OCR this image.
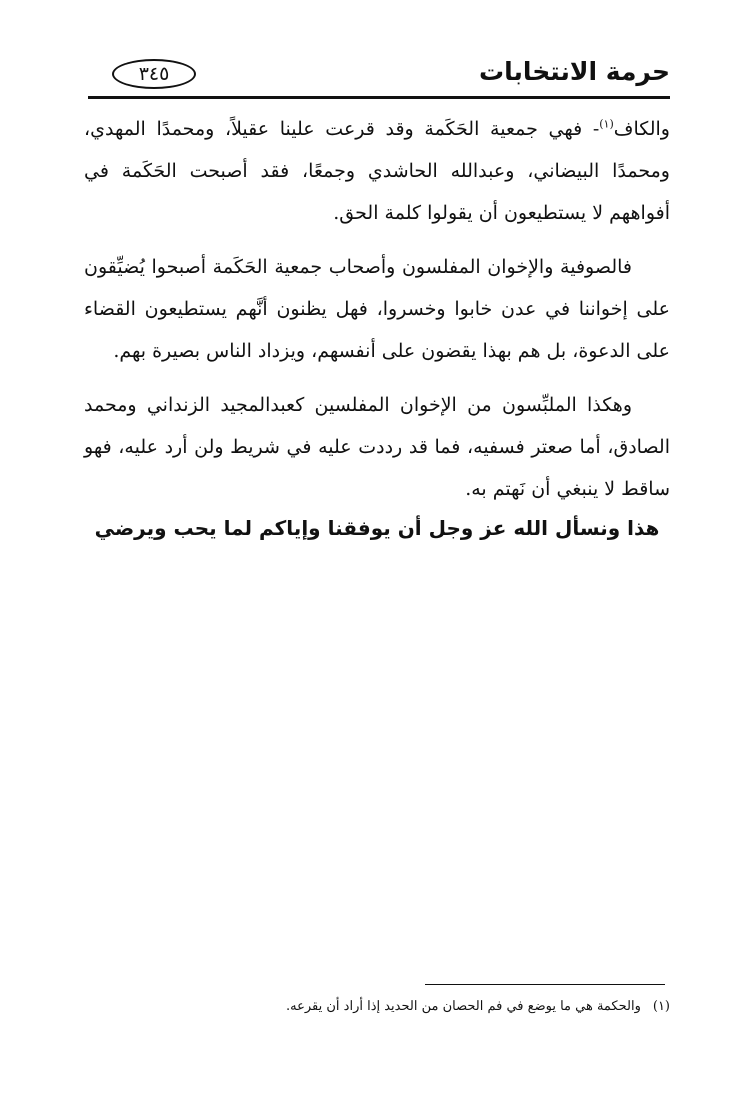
حرمة الانتخابات
٣٤٥

والكاف$^{(١)}$- فهي جمعية الحَكَمة وقد قرعت علينا عقيلاً، ومحمدًا المهدي، ومحمدًا البيضاني، وعبدالله الحاشدي وجمعًا، فقد أصبحت الحَكَمة في أفواههم لا يستطيعون أن يقولوا كلمة الحق.

فالصوفية والإخوان المفلسون وأصحاب جمعية الحَكَمة أصبحوا يُضيِّقون على إخواننا في عدن خابوا وخسروا، فهل يظنون أنَّهم يستطيعون القضاء على الدعوة، بل هم بهذا يقضون على أنفسهم، ويزداد الناس بصيرة بهم.

وهكذا الملبِّسون من الإخوان المفلسين كعبدالمجيد الزنداني ومحمد الصادق، أما صعتر فسفيه، فما قد رددت عليه في شريط ولن أرد عليه، فهو ساقط لا ينبغي أن نَهتم به.

هذا ونسأل الله عز وجل أن يوفقنا وإياكم لما يحب ويرضي
(١)والحكمة هي ما يوضع في فم الحصان من الحديد إذا أراد أن يقرعه.
